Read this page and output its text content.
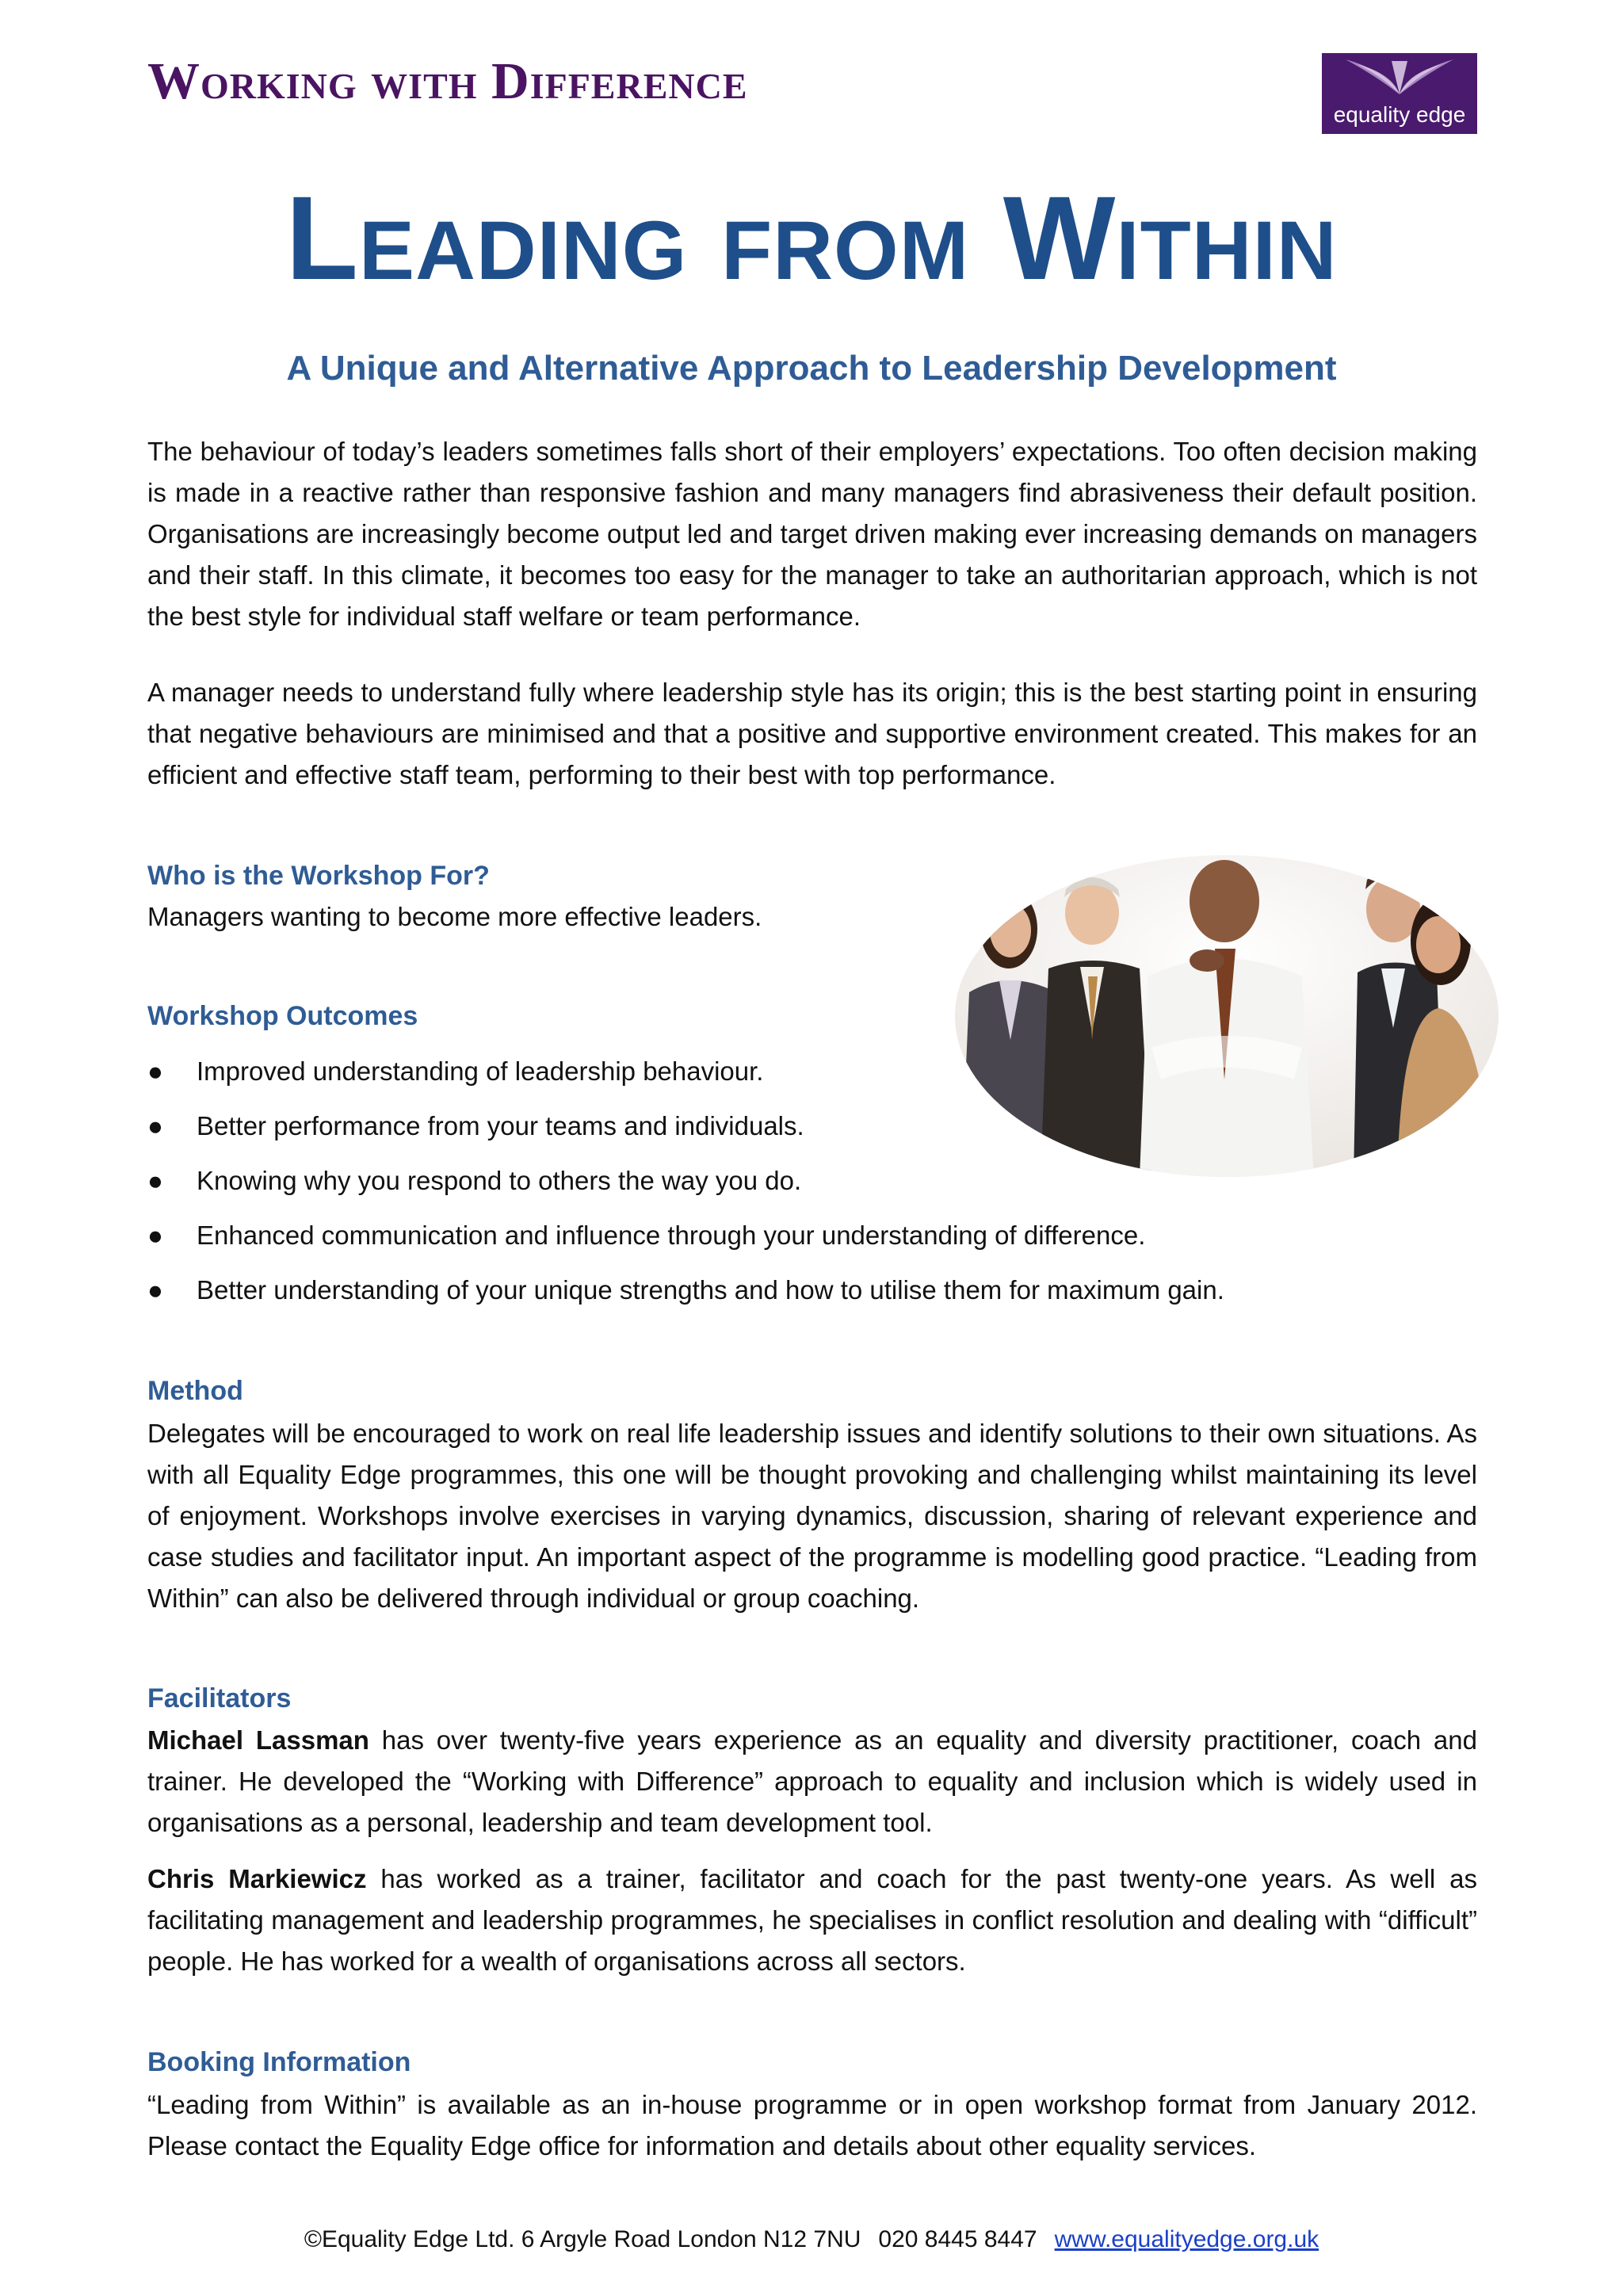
Working with Difference
equality edge
Leading from Within
A Unique and Alternative Approach to Leadership Development

The behaviour of today’s leaders sometimes falls short of their employers’ expectations. Too often decision making is made in a reactive rather than responsive fashion and many managers find abrasiveness their default position. Organisations are increasingly become output led and target driven making ever increasing demands on managers and their staff. In this climate, it becomes too easy for the manager to take an authoritarian approach, which is not the best style for individual staff welfare or team performance.

A manager needs to understand fully where leadership style has its origin; this is the best starting point in ensuring that negative behaviours are minimised and that a positive and supportive environment created. This makes for an efficient and effective staff team, performing to their best with top performance.

Who is the Workshop For?

Managers wanting to become more effective leaders.

Workshop Outcomes
● Improved understanding of leadership behaviour.
● Better performance from your teams and individuals.
● Knowing why you respond to others the way you do.
● Enhanced communication and influence through your understanding of difference.
● Better understanding of your unique strengths and how to utilise them for maximum gain.
Method

Delegates will be encouraged to work on real life leadership issues and identify solutions to their own situations. As with all Equality Edge programmes, this one will be thought provoking and challenging whilst maintaining its level of enjoyment. Workshops involve exercises in varying dynamics, discussion, sharing of relevant experience and case studies and facilitator input. An important aspect of the programme is modelling good practice. “Leading from Within” can also be delivered through individual or group coaching.

Facilitators

Michael Lassman has over twenty-five years experience as an equality and diversity practitioner, coach and trainer. He developed the “Working with Difference” approach to equality and inclusion which is widely used in organisations as a personal, leadership and team development tool.

Chris Markiewicz has worked as a trainer, facilitator and coach for the past twenty-one years. As well as facilitating management and leadership programmes, he specialises in conflict resolution and dealing with “difficult” people. He has worked for a wealth of organisations across all sectors.

Booking Information

“Leading from Within” is available as an in-house programme or in open workshop format from January 2012. Please contact the Equality Edge office for information and details about other equality services.

©Equality Edge Ltd. 6 Argyle Road London N12 7NU 020 8445 8447 www.equalityedge.org.uk
